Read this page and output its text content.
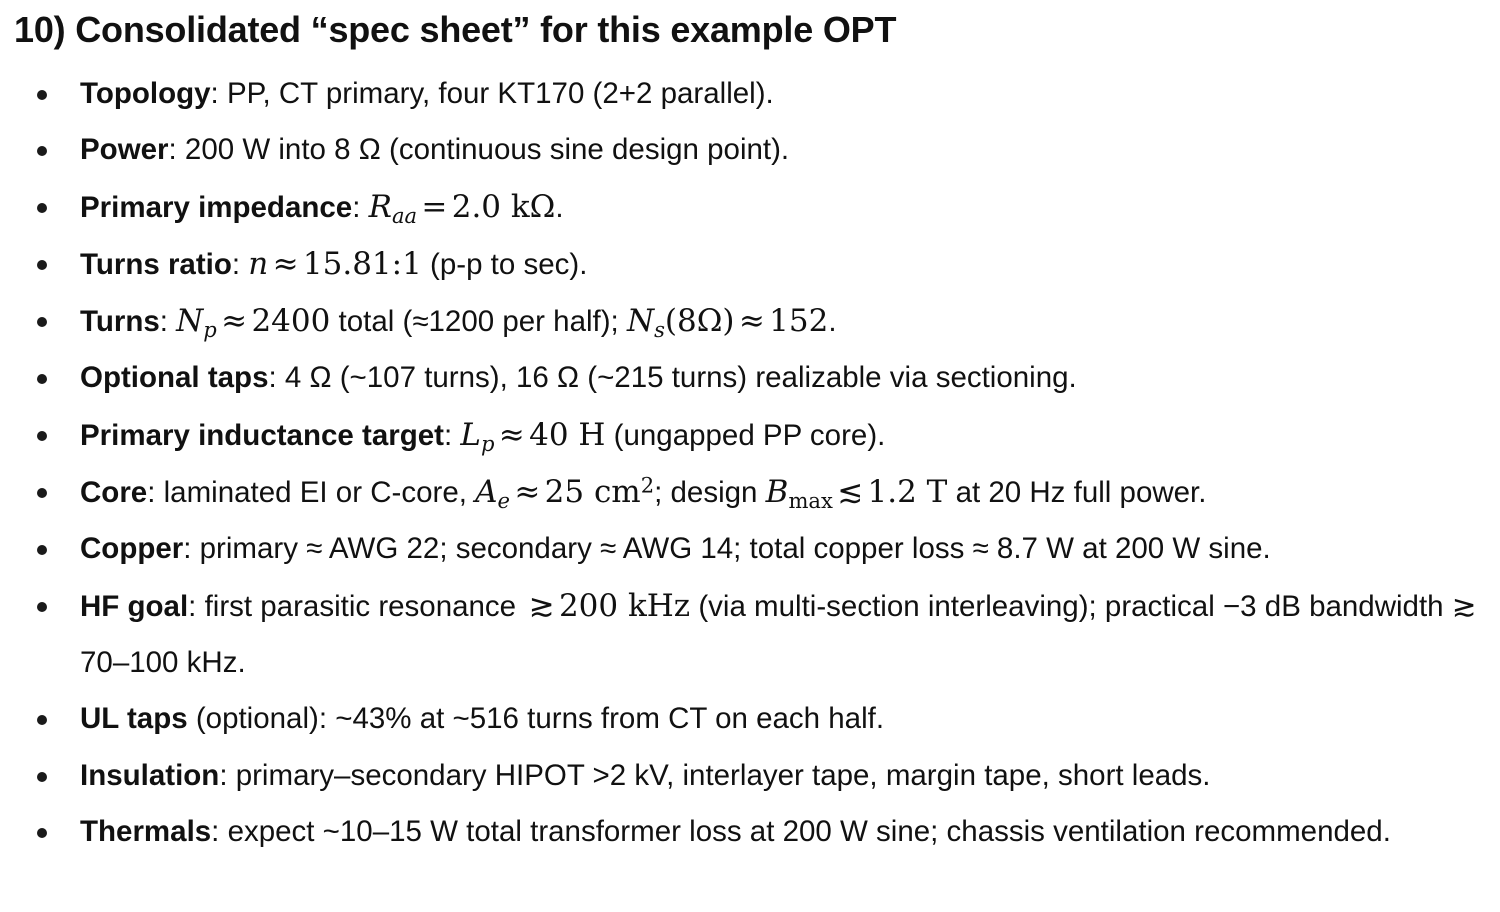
10) Consolidated “spec sheet” for this example OPT
Topology: PP, CT primary, four KT170 (2+2 parallel).
Power: 200 W into 8 Ω (continuous sine design point).
Primary impedance: $R_{aa} = 2.0$ kΩ.
Turns ratio: n ≈ 15.81:1 (p-p to sec).
Turns: $N_p \approx 2400$ total (≈1200 per half); $N_s(8\Omega) \approx 152$.
Optional taps: 4 Ω (~107 turns), 16 Ω (~215 turns) realizable via sectioning.
Primary inductance target: $L_p \approx 40$ H (ungapped PP core).
Core: laminated EI or C-core, $A_e \approx 25$ $cm^2$; design $B_{max}$ ≲ 1.2 T at 20 Hz full power.
Copper: primary ≈ AWG 22; secondary ≈ AWG 14; total copper loss ≈ 8.7 W at 200 W sine.
HF goal: first parasitic resonance ≳ 200 kHz (via multi-section interleaving); practical −3 dB bandwidth ≳ 70–100 kHz.
UL taps (optional): ~43% at ~516 turns from CT on each half.
Insulation: primary–secondary HIPOT >2 kV, interlayer tape, margin tape, short leads.
Thermals: expect ~10–15 W total transformer loss at 200 W sine; chassis ventilation recommended.
